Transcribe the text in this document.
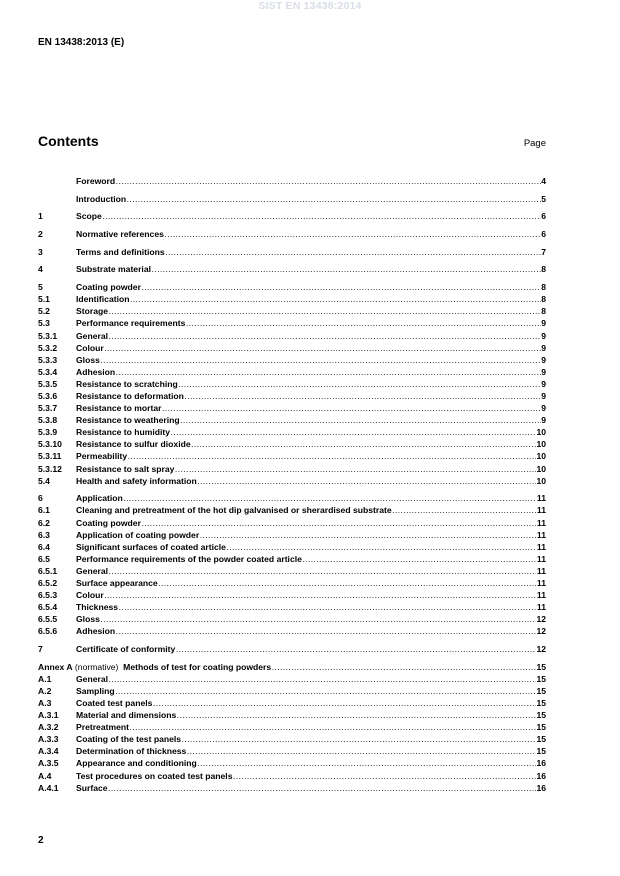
SIST EN 13438:2014
EN 13438:2013 (E)
Contents	Page
Foreword .....	4
Introduction .....	5
1	Scope .....	6
2	Normative references .....	6
3	Terms and definitions .....	7
4	Substrate material .....	8
5	Coating powder .....	8
5.1	Identification .....	8
5.2	Storage .....	8
5.3	Performance requirements .....	9
5.3.1	General .....	9
5.3.2	Colour .....	9
5.3.3	Gloss .....	9
5.3.4	Adhesion .....	9
5.3.5	Resistance to scratching .....	9
5.3.6	Resistance to deformation .....	9
5.3.7	Resistance to mortar .....	9
5.3.8	Resistance to weathering .....	9
5.3.9	Resistance to humidity .....	10
5.3.10	Resistance to sulfur dioxide .....	10
5.3.11	Permeability .....	10
5.3.12	Resistance to salt spray .....	10
5.4	Health and safety information .....	10
6	Application .....	11
6.1	Cleaning and pretreatment of the hot dip galvanised or sherardised substrate .....	11
6.2	Coating powder .....	11
6.3	Application of coating powder .....	11
6.4	Significant surfaces of coated article .....	11
6.5	Performance requirements of the powder coated article .....	11
6.5.1	General .....	11
6.5.2	Surface appearance .....	11
6.5.3	Colour .....	11
6.5.4	Thickness .....	11
6.5.5	Gloss .....	12
6.5.6	Adhesion .....	12
7	Certificate of conformity .....	12
Annex A (normative)  Methods of test for coating powders .....	15
A.1	General .....	15
A.2	Sampling .....	15
A.3	Coated test panels .....	15
A.3.1	Material and dimensions .....	15
A.3.2	Pretreatment .....	15
A.3.3	Coating of the test panels .....	15
A.3.4	Determination of thickness .....	15
A.3.5	Appearance and conditioning .....	16
A.4	Test procedures on coated test panels .....	16
A.4.1	Surface .....	16
2
